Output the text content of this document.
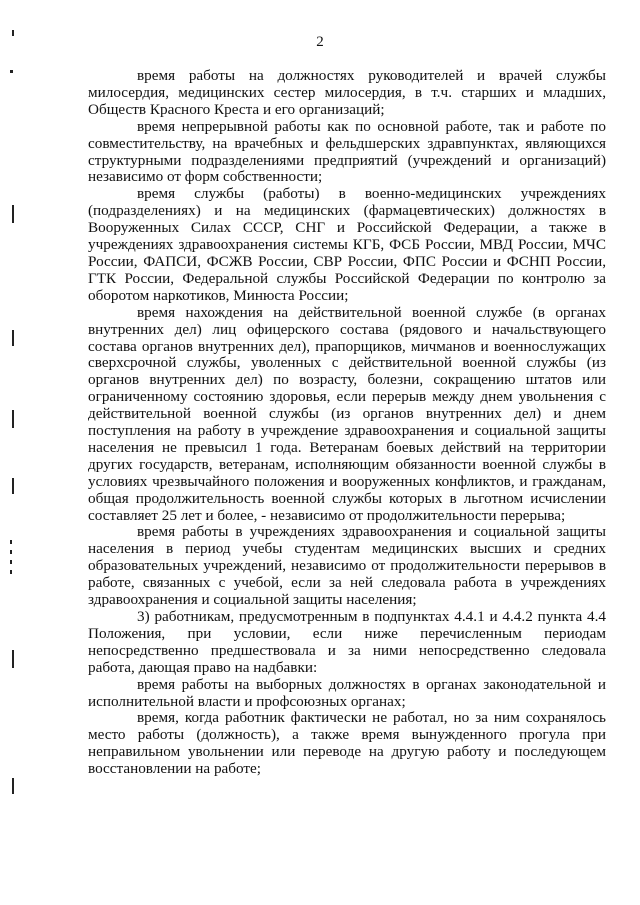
2

время работы на должностях руководителей и врачей службы милосердия, медицинских сестер милосердия, в т.ч. старших и младших, Обществ Красного Креста и его организаций;

время непрерывной работы как по основной работе, так и работе по совместительству, на врачебных и фельдшерских здравпунктах, являющихся структурными подразделениями предприятий (учреждений и организаций) независимо от форм собственности;

время службы (работы) в военно-медицинских учреждениях (подразделениях) и на медицинских (фармацевтических) должностях в Вооруженных Силах СССР, СНГ и Российской Федерации, а также в учреждениях здравоохранения системы КГБ, ФСБ России, МВД России, МЧС России, ФАПСИ, ФСЖВ России, СВР России, ФПС России и ФСНП России, ГТК России, Федеральной службы Российской Федерации по контролю за оборотом наркотиков, Минюста России;

время нахождения на действительной военной службе (в органах внутренних дел) лиц офицерского состава (рядового и начальствующего состава органов внутренних дел), прапорщиков, мичманов и военнослужащих сверхсрочной службы, уволенных с действительной военной службы (из органов внутренних дел) по возрасту, болезни, сокращению штатов или ограниченному состоянию здоровья, если перерыв между днем увольнения с действительной военной службы (из органов внутренних дел) и днем поступления на работу в учреждение здравоохранения и социальной защиты населения не превысил 1 года. Ветеранам боевых действий на территории других государств, ветеранам, исполняющим обязанности военной службы в условиях чрезвычайного положения и вооруженных конфликтов, и гражданам, общая продолжительность военной службы которых в льготном исчислении составляет 25 лет и более, - независимо от продолжительности перерыва;

время работы в учреждениях здравоохранения и социальной защиты населения в период учебы студентам медицинских высших и средних образовательных учреждений, независимо от продолжительности перерывов в работе, связанных с учебой, если за ней следовала работа в учреждениях здравоохранения и социальной защиты населения;

3) работникам, предусмотренным в подпунктах 4.4.1 и 4.4.2 пункта 4.4 Положения, при условии, если ниже перечисленным периодам непосредственно предшествовала и за ними непосредственно следовала работа, дающая право на надбавки:

время работы на выборных должностях в органах законодательной и исполнительной власти и профсоюзных органах;

время, когда работник фактически не работал, но за ним сохранялось место работы (должность), а также время вынужденного прогула при неправильном увольнении или переводе на другую работу и последующем восстановлении на работе;
